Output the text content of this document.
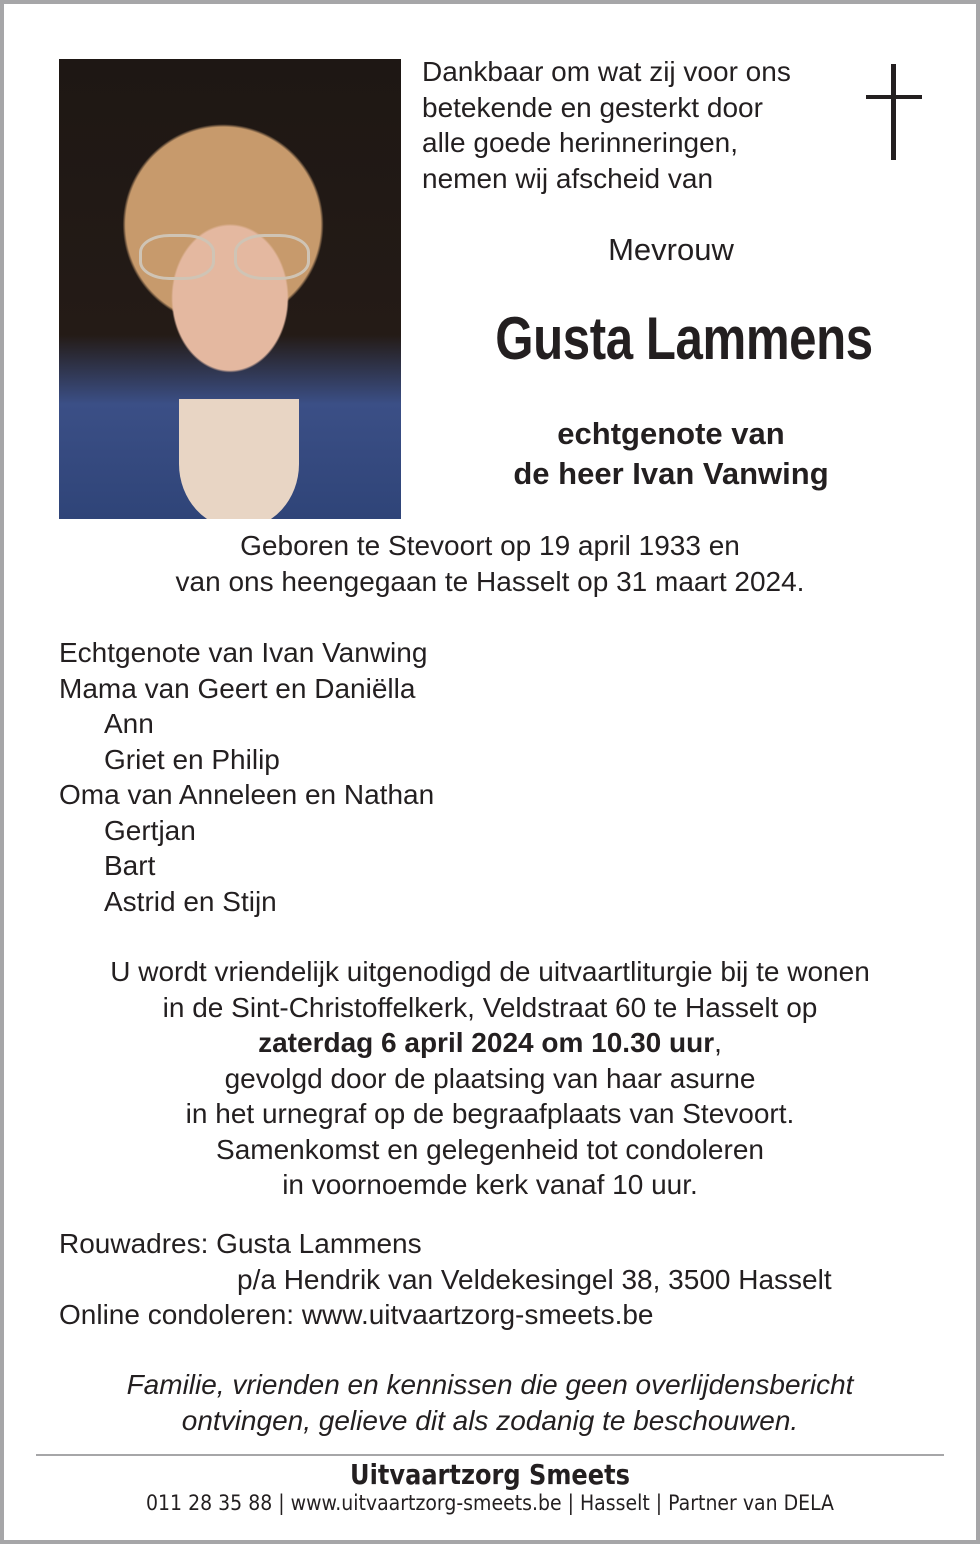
Dankbaar om wat zij voor ons
betekende en gesterkt door
alle goede herinneringen,
nemen wij afscheid van
Mevrouw
Gusta Lammens
echtgenote van
de heer Ivan Vanwing
Geboren te Stevoort op 19 april 1933 en
van ons heengegaan te Hasselt op 31 maart 2024.
Echtgenote van Ivan Vanwing
Mama van Geert en Daniëlla
Ann
Griet en Philip
Oma van Anneleen en Nathan
Gertjan
Bart
Astrid en Stijn
U wordt vriendelijk uitgenodigd de uitvaartliturgie bij te wonen
in de Sint-Christoffelkerk, Veldstraat 60 te Hasselt op
zaterdag 6 april 2024 om 10.30 uur,
gevolgd door de plaatsing van haar asurne
in het urnegraf op de begraafplaats van Stevoort.
Samenkomst en gelegenheid tot condoleren
in voornoemde kerk vanaf 10 uur.
Rouwadres: Gusta Lammens
p/a Hendrik van Veldekesingel 38, 3500 Hasselt
Online condoleren: www.uitvaartzorg-smeets.be
Familie, vrienden en kennissen die geen overlijdensbericht
ontvingen, gelieve dit als zodanig te beschouwen.
Uitvaartzorg Smeets
011 28 35 88 | www.uitvaartzorg-smeets.be | Hasselt | Partner van DELA
